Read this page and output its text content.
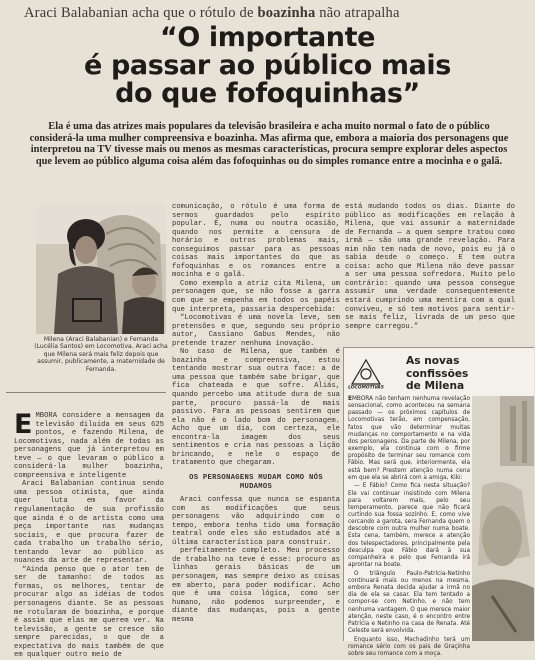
Araci Balabanian acha que o rótulo de boazinha não atrapalha
“O importante
é passar ao público mais
do que fofoquinhas”
Ela é uma das atrizes mais populares da televisão brasileira e acha muito normal o fato de o público considerá-la uma mulher compreensiva e boazinha. Mas afirma que, embora a maioria dos personagens que interpretou na TV tivesse mais ou menos as mesmas características, procura sempre explorar deles aspectos que levem ao público alguma coisa além das fofoquinhas ou do simples romance entre a mocinha e o galã.
Milena (Araci Balabanian) e Fernanda (Lucélia Santos) em Locomotiva. Araci acha que Milena será mais feliz depois que assumir, publicamente, a maternidade de Fernanda.

EMBORA considere a mensagem da televisão diluída em seus 625 pontos, e fazendo Milena, de Locomotivas, nada além de todas as personagens que já interpretou em teve — o que levaram o público a considerá-la mulher boazinha, compreensiva e inteligente

Araci Balabanian continua sendo uma pessoa otimista, que ainda quer luta em favor da regulamentação de sua profissão que ainda é o de artista como uma peça importante nas mudanças sociais, e que procura fazer de cada trabalho um trabalho sério, tentando levar ao público as nuances da arte de representar.

“Ainda penso que o ator tem de ser de tamanho: de todos as formas, os melhores, tentar de procurar algo as idéias de todos personagens diante. Se as pessoas me rotularam de boazinha, e porque é assim que elas me querem ver. Na televisão, a gente se cresce são sempre parecidas, o que de a expectativa do mais também de que em qualquer outro meio de

comunicação, o rótulo é uma forma de sermos guardados pelo espírito popular. E, numa ou noutra ocasião, quando nos permite a censura de horário e outros problemas mais, conseguimos passar para as pessoas coisas mais importantes do que as fofoquinhas e os romances entre a mocinha e o galã.

Como exemplo a atriz cita Milena, um personagem que, se não fosse a garra com que se empenha em todos os papéis que interpreta, passaria despercebida:

“Locomotivas é uma novela leve, sem pretensões e que, segundo seu próprio autor, Cassiano Gabus Mendes, não pretende trazer nenhuma inovação.

No caso de Milena, que também é boazinha e compreensiva, estou tentando mostrar sua outra face: a de uma pessoa que também sabe brigar, que fica chateada e que sofre. Aliás, quando percebo uma atitude dura de sua parte, procuro passá-la de mais passivo. Para as pessoas sentirem que ela não é o lado bom do personagem. Acho que um dia, com certeza, ele encontra-la imagem dos seus sentimentos e cria nas pessoas a lição brincando, e nele o espaço de tratamento que chegaram.

OS PERSONAGENS MUDAM COMO NÓS MUDAMOS

Araci confessa que nunca se espanta com as modificações que seus personagens vão adquirindo com o tempo, embora tenha tido uma formação teatral onde eles são estudados até a última característica para construir.

perfeitamente completo. Meu processo de trabalho na teve é esse: procuro as linhas gerais básicas de um personagem, mas sempre deixo as coisas em aberto, para poder modificar. Acho que é uma coisa lógica, como ser humano, não podemos surpreender, e diante das mudanças, pois a gente mesma

está mudando todos os dias. Diante do público as modificações em relação à Milena, que vai assumir a maternidade de Fernanda — a quem sempre tratou como irmã — são uma grande revelação. Para mim não tem nada de novo, pois eu já o sabia desde o começo. E tem outra coisa: acho que Milena não deve passar a ser uma pessoa sofredora. Muito pelo contrário: quando uma pessoa consegue assumir uma verdade consequentemente estará cumprindo uma mentira com a qual conviveu, e só tem motivos para sentir-se mais feliz, livrada de um peso que sempre carregou.”

LOCOMOTIVAS
As novas
confissões
de Milena

EMBORA não tenham nenhuma revelação sensacional, como aconteceu na semana passado — os próximos capítulos de Locomotivas terão, em compensação, fatos que vão determinar muitas mudanças no comportamento e na vida dos personagens. Da parte de Milena, por exemplo, ela continua com o firme propósito de terminar seu romance com Fábio. Mas será que, interiormente, ela está bem? Prestem atenção numa cena em que ela se abrirá com a amiga, Kiki:

— E Fábio? Como fica nesta situação? Ele vai continuar insistindo com Milena para voltarem mais, pelo seu temperamento, parece que não ficará curtindo sua fossa sozinho. E, como vive cercando a garota, sera Fernanda quem o descobre com outra mulher numa boate. Esta cena, também, merece a atenção dos telespectadores, principalmente pela desculpa que Fábio dará à sua companheira e pelo que Fernanda irá aprontar na boate.

O triângulo Paulo-Patrícia-Netinho continuará mais ou menos na mesma, embora Renata decida ajudar a irmã no dia de ela se casar. Ela tem tentado a compor-se com Netinho, e não tem nenhuma vantagem. O que merece maior atenção, neste caso, é o encontro entre Patrícia e Netinho na casa de Renata. Até Celeste será envolvida.

Enquanto isso, Machadinho terá um romance sério com os pais de Graçinha sobre seu romance com a moça.
